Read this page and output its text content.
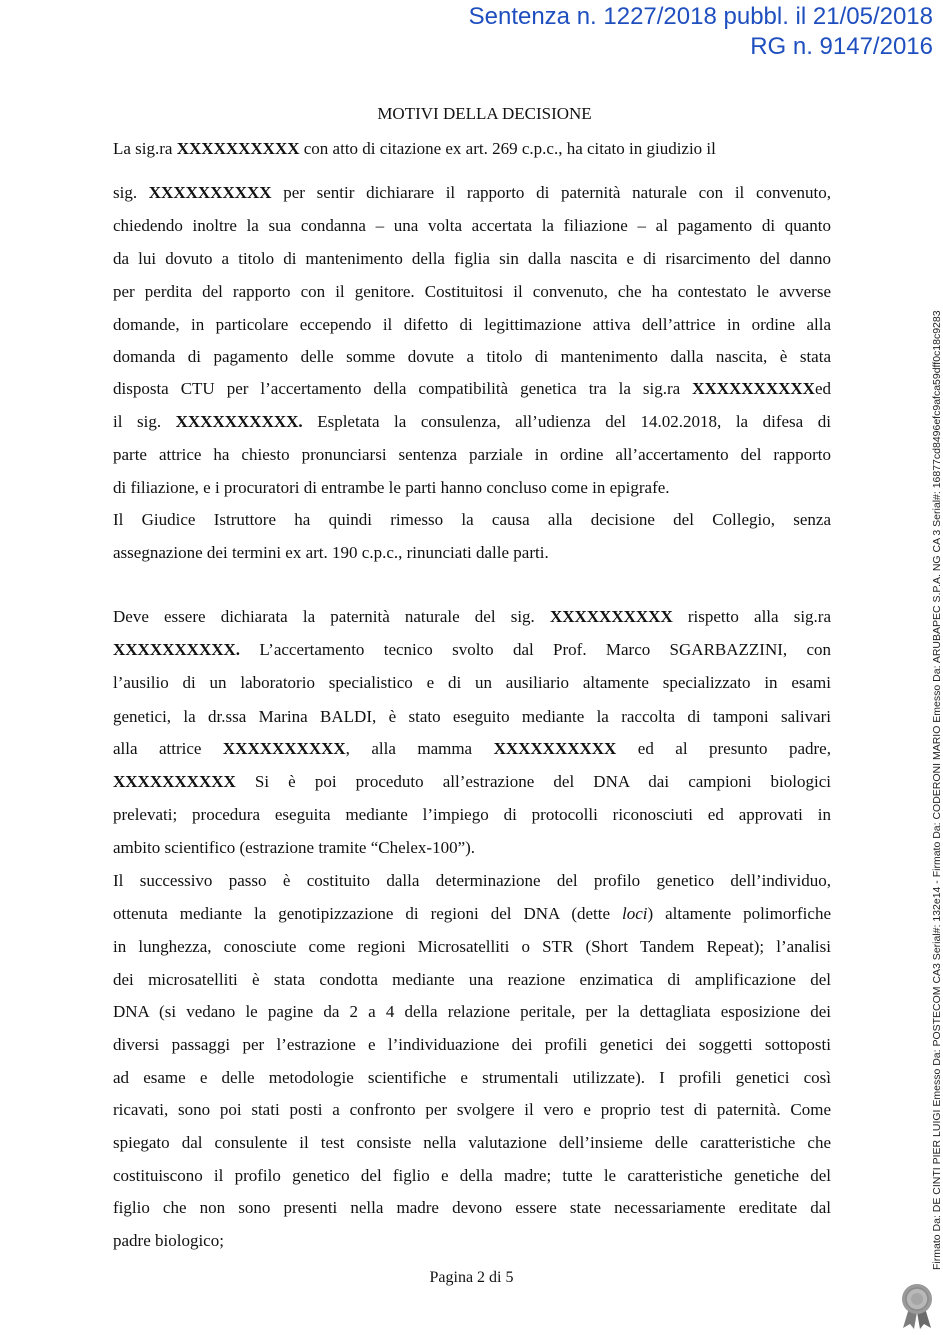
Sentenza n. 1227/2018 pubbl. il 21/05/2018
RG n. 9147/2016
MOTIVI DELLA DECISIONE
La sig.ra XXXXXXXXXX con atto di citazione ex art. 269 c.p.c., ha citato in giudizio il
sig. XXXXXXXXXX per sentir dichiarare il rapporto di paternità naturale con il convenuto,
chiedendo inoltre la sua condanna – una volta accertata la filiazione – al pagamento di quanto
da lui dovuto a titolo di mantenimento della figlia sin dalla nascita e di risarcimento del danno
per perdita del rapporto con il genitore. Costituitosi il convenuto, che ha contestato le avverse
domande, in particolare eccependo il difetto di legittimazione attiva dell’attrice in ordine alla
domanda di pagamento delle somme dovute a titolo di mantenimento dalla nascita, è stata
disposta CTU per l’accertamento della compatibilità genetica tra la sig.ra XXXXXXXXXXed
il sig. XXXXXXXXXX. Espletata la consulenza, all’udienza del 14.02.2018, la difesa di
parte attrice ha chiesto pronunciarsi sentenza parziale in ordine all’accertamento del rapporto
di filiazione, e i procuratori di entrambe le parti hanno concluso come in epigrafe.
Il Giudice Istruttore ha quindi rimesso la causa alla decisione del Collegio, senza
assegnazione dei termini ex art. 190 c.p.c., rinunciati dalle parti.
Deve essere dichiarata la paternità naturale del sig. XXXXXXXXXX rispetto alla sig.ra
XXXXXXXXXX. L’accertamento tecnico svolto dal Prof. Marco SGARBAZZINI, con
l’ausilio di un laboratorio specialistico e di un ausiliario altamente specializzato in esami
genetici, la dr.ssa Marina BALDI, è stato eseguito mediante la raccolta di tamponi salivari
alla attrice XXXXXXXXXX, alla mamma XXXXXXXXXX ed al presunto padre,
XXXXXXXXXX Si è poi proceduto all’estrazione del DNA dai campioni biologici
prelevati; procedura eseguita mediante l’impiego di protocolli riconosciuti ed approvati in
ambito scientifico (estrazione tramite “Chelex-100”).
Il successivo passo è costituito dalla determinazione del profilo genetico dell’individuo,
ottenuta mediante la genotipizzazione di regioni del DNA (dette loci) altamente polimorfiche
in lunghezza, conosciute come regioni Microsatelliti o STR (Short Tandem Repeat); l’analisi
dei microsatelliti è stata condotta mediante una reazione enzimatica di amplificazione del
DNA (si vedano le pagine da 2 a 4 della relazione peritale, per la dettagliata esposizione dei
diversi passaggi per l’estrazione e l’individuazione dei profili genetici dei soggetti sottoposti
ad esame e delle metodologie scientifiche e strumentali utilizzate). I profili genetici così
ricavati, sono poi stati posti a confronto per svolgere il vero e proprio test di paternità. Come
spiegato dal consulente il test consiste nella valutazione dell’insieme delle caratteristiche che
costituiscono il profilo genetico del figlio e della madre; tutte le caratteristiche genetiche del
figlio che non sono presenti nella madre devono essere state necessariamente ereditate dal
padre biologico;	Firmato Da: DE CINTI PIER LUIGI Emesso Da: POSTECOM CA3 Serial#: 132e14 - Firmato Da: CODERONI MARIO Emesso Da: ARUBAPEC S.P.A. NG CA 3 Serial#: 16877cd8496efc9afca59dff0c18c9283
Pagina 2 di 5
